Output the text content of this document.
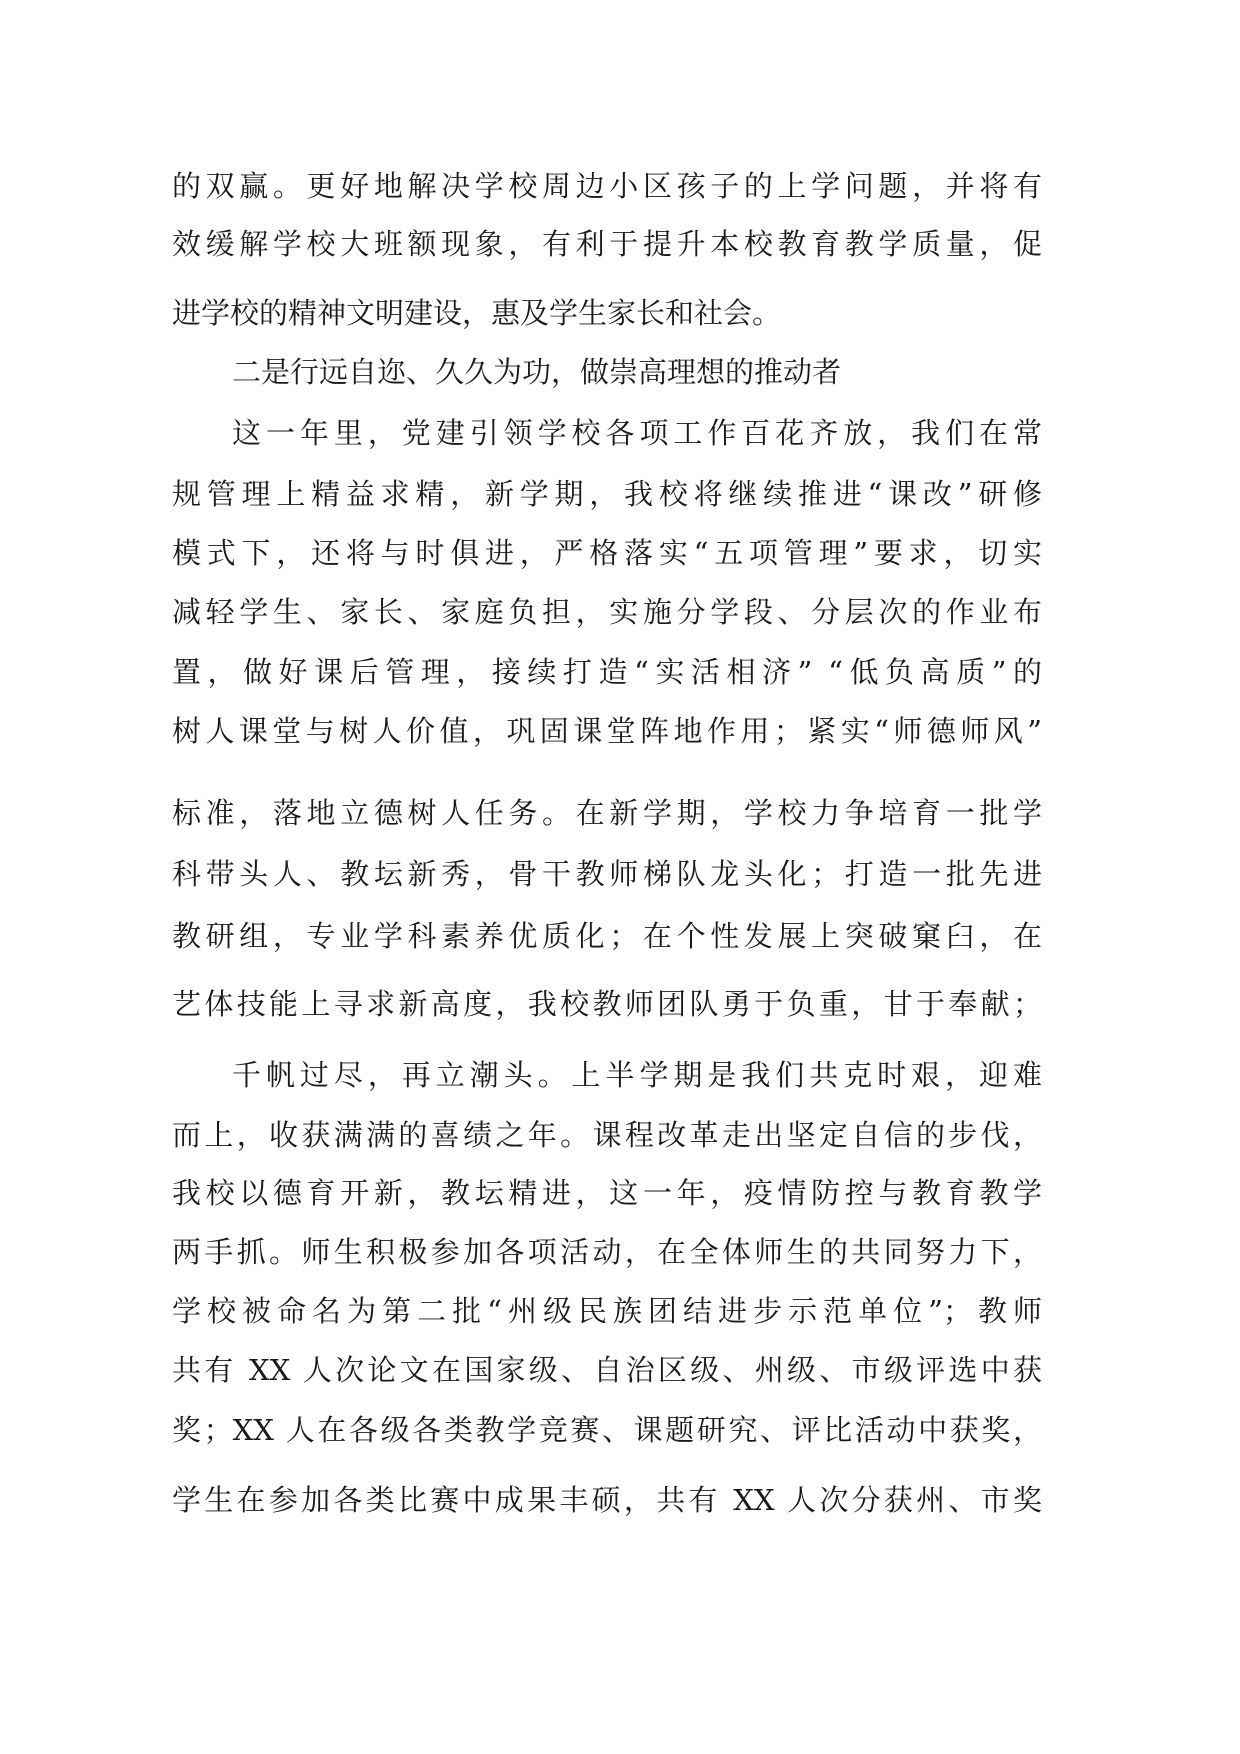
的双赢。更好地解决学校周边小区孩子的上学问题，并将有
效缓解学校大班额现象，有利于提升本校教育教学质量，促
进学校的精神文明建设，惠及学生家长和社会。
二是行远自迩、久久为功，做崇高理想的推动者
这一年里，党建引领学校各项工作百花齐放，我们在常
规管理上精益求精，新学期，我校将继续推进“课改”研修
模式下，还将与时俱进，严格落实“五项管理”要求，切实
减轻学生、家长、家庭负担，实施分学段、分层次的作业布
置，做好课后管理，接续打造“实活相济” “低负高质”的
树人课堂与树人价值，巩固课堂阵地作用；紧实“师德师风”
标准，落地立德树人任务。在新学期，学校力争培育一批学
科带头人、教坛新秀，骨干教师梯队龙头化；打造一批先进
教研组，专业学科素养优质化；在个性发展上突破窠臼，在
艺体技能上寻求新高度，我校教师团队勇于负重，甘于奉献；
千帆过尽，再立潮头。上半学期是我们共克时艰，迎难
而上，收获满满的喜绩之年。课程改革走出坚定自信的步伐，
我校以德育开新，教坛精进，这一年，疫情防控与教育教学
两手抓。师生积极参加各项活动，在全体师生的共同努力下，
学校被命名为第二批“州级民族团结进步示范单位”；教师
共有 XX 人次论文在国家级、自治区级、州级、市级评选中获
奖；XX 人在各级各类教学竞赛、课题研究、评比活动中获奖，
学生在参加各类比赛中成果丰硕，共有 XX 人次分获州、市奖
